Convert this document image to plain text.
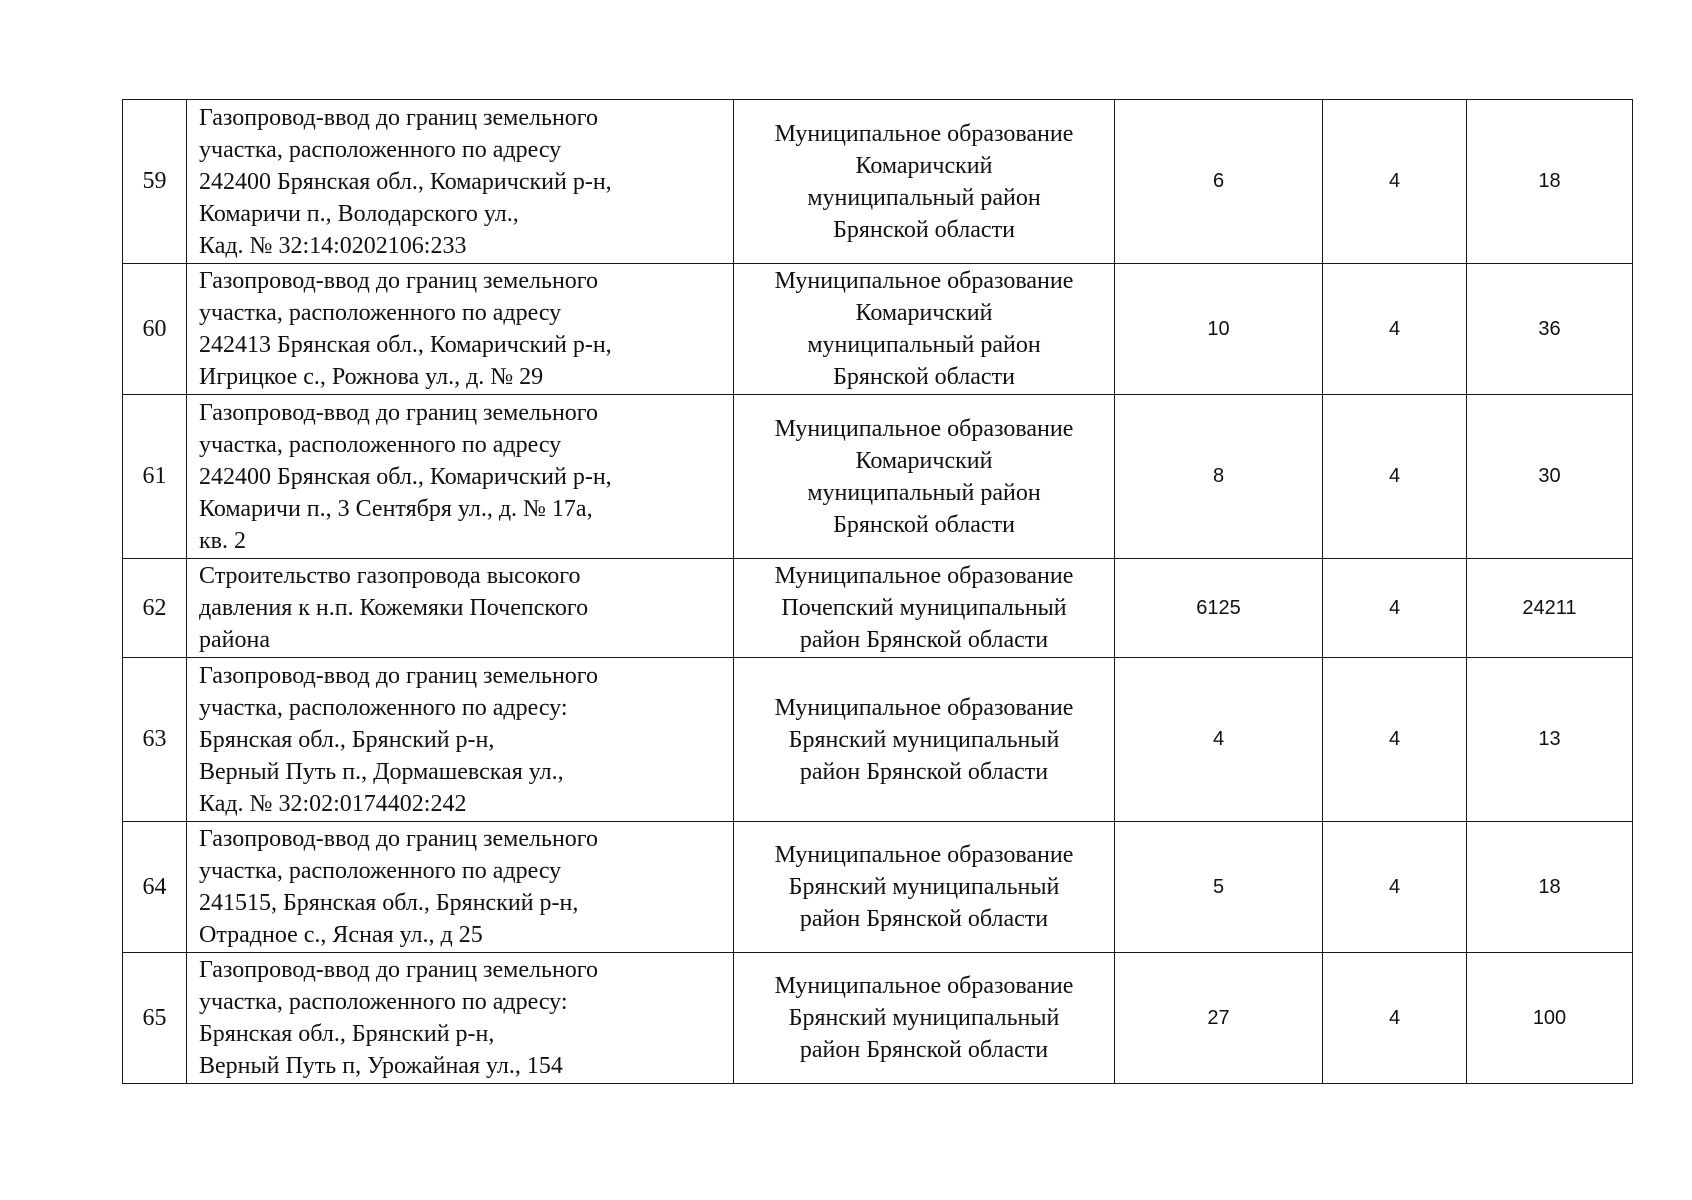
59	Газопровод-ввод до границ земельного
участка, расположенного по адресу
242400 Брянская обл., Комаричский р-н,
Комаричи п., Володарского ул.,
Кад. № 32:14:0202106:233	Муниципальное образование
Комаричский
муниципальный район
Брянской области	6	4	18
60	Газопровод-ввод до границ земельного
участка, расположенного по адресу
242413 Брянская обл., Комаричский р-н,
Игрицкое с., Рожнова ул., д. № 29	Муниципальное образование
Комаричский
муниципальный район
Брянской области	10	4	36
61	Газопровод-ввод до границ земельного
участка, расположенного по адресу
242400 Брянская обл., Комаричский р-н,
Комаричи п., 3 Сентября ул., д. № 17а,
кв. 2	Муниципальное образование
Комаричский
муниципальный район
Брянской области	8	4	30
62	Строительство газопровода высокого
давления к н.п. Кожемяки Почепского
района	Муниципальное образование
Почепский муниципальный
район Брянской области	6125	4	24211
63	Газопровод-ввод до границ земельного
участка, расположенного по адресу:
Брянская обл., Брянский р-н,
Верный Путь п., Дормашевская ул.,
Кад. № 32:02:0174402:242	Муниципальное образование
Брянский муниципальный
район Брянской области	4	4	13
64	Газопровод-ввод до границ земельного
участка, расположенного по адресу
241515, Брянская обл., Брянский р-н,
Отрадное с., Ясная ул., д 25	Муниципальное образование
Брянский муниципальный
район Брянской области	5	4	18
65	Газопровод-ввод до границ земельного
участка, расположенного по адресу:
Брянская обл., Брянский р-н,
Верный Путь п, Урожайная ул., 154	Муниципальное образование
Брянский муниципальный
район Брянской области	27	4	100
